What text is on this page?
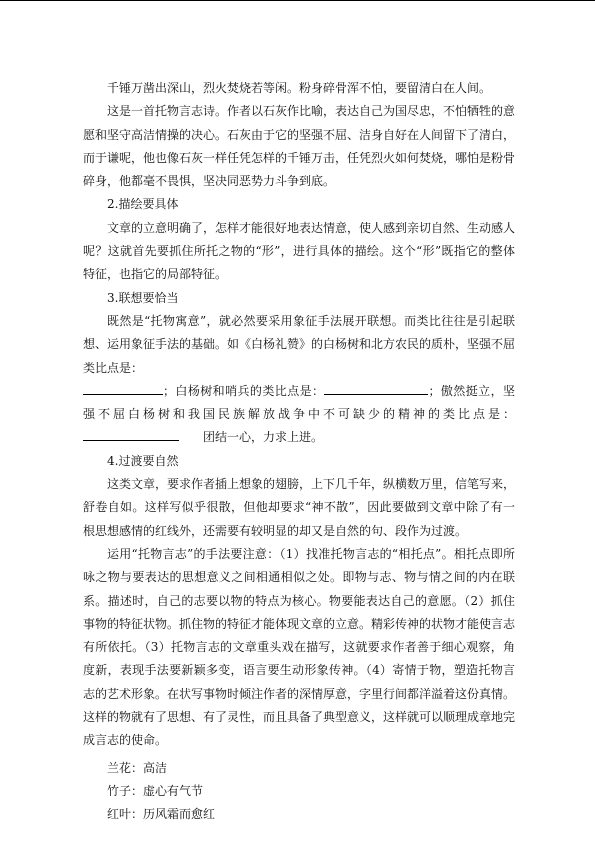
千锤万凿出深山，烈火焚烧若等闲。粉身碎骨浑不怕，要留清白在人间。

这是一首托物言志诗。作者以石灰作比喻，表达自己为国尽忠，不怕牺牲的意愿和坚守高洁情操的决心。石灰由于它的坚强不屈、洁身自好在人间留下了清白，而于谦呢，他也像石灰一样任凭怎样的千锤万击，任凭烈火如何焚烧，哪怕是粉骨碎身，他都毫不畏惧，坚决同恶势力斗争到底。

2.描绘要具体

文章的立意明确了，怎样才能很好地表达情意，使人感到亲切自然、生动感人呢？这就首先要抓住所托之物的“形”，进行具体的描绘。这个“形”既指它的整体特征，也指它的局部特征。

3.联想要恰当

既然是“托物寓意”，就必然要采用象征手法展开联想。而类比往往是引起联想、运用象征手法的基础。如《白杨礼赞》的白杨树和北方农民的质朴，坚强不屈类比点是：
；白杨树和哨兵的类比点是：	；傲然挺立，坚强不屈白杨树和我国民族解放战争中不可缺少的精神的类比点是：　　团结一心，力求上进。

4.过渡要自然

这类文章，要求作者插上想象的翅膀，上下几千年，纵横数万里，信笔写来，舒卷自如。这样写似乎很散，但他却要求“神不散”，因此要做到文章中除了有一根思想感情的红线外，还需要有较明显的却又是自然的句、段作为过渡。

运用“托物言志”的手法要注意：（1）找准托物言志的“相托点”。相托点即所咏之物与要表达的思想意义之间相通相似之处。即物与志、物与情之间的内在联系。描述时，自己的志要以物的特点为核心。物要能表达自己的意愿。（2）抓住事物的特征状物。抓住物的特征才能体现文章的立意。精彩传神的状物才能使言志有所依托。（3）托物言志的文章重头戏在描写，这就要求作者善于细心观察，角度新，表现手法要新颖多变，语言要生动形象传神。（4）寄情于物，塑造托物言志的艺术形象。在状写事物时倾注作者的深情厚意，字里行间都洋溢着这份真情。这样的物就有了思想、有了灵性，而且具备了典型意义，这样就可以顺理成章地完成言志的使命。

兰花：高洁

竹子：虚心有气节

红叶：历风霜而愈红
